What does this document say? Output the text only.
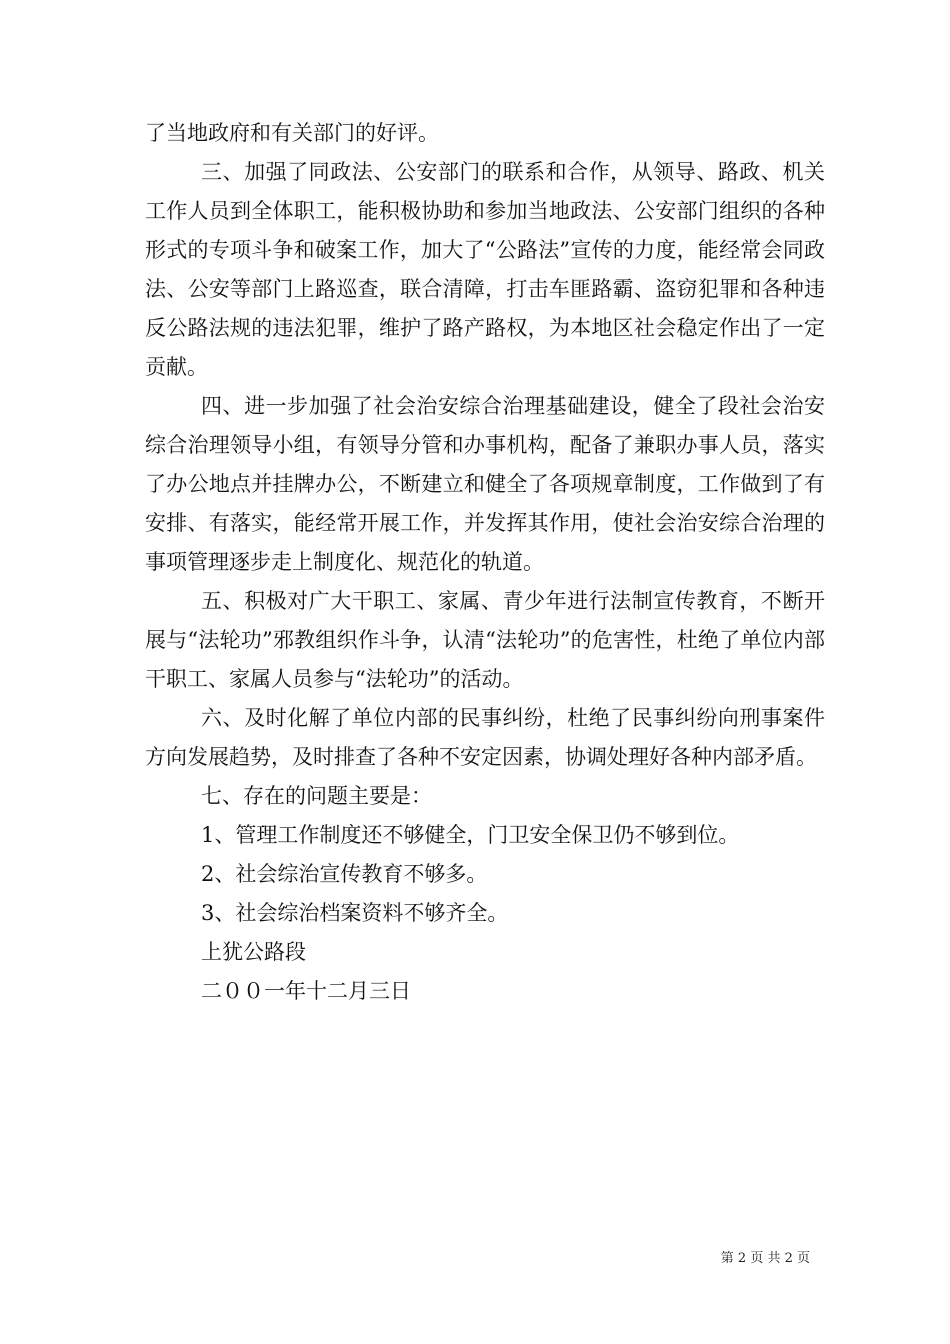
了当地政府和有关部门的好评。

三、加强了同政法、公安部门的联系和合作，从领导、路政、机关工作人员到全体职工，能积极协助和参加当地政法、公安部门组织的各种形式的专项斗争和破案工作，加大了“公路法”宣传的力度，能经常会同政法、公安等部门上路巡查，联合清障，打击车匪路霸、盗窃犯罪和各种违反公路法规的违法犯罪，维护了路产路权，为本地区社会稳定作出了一定贡献。

四、进一步加强了社会治安综合治理基础建设，健全了段社会治安综合治理领导小组，有领导分管和办事机构，配备了兼职办事人员，落实了办公地点并挂牌办公，不断建立和健全了各项规章制度，工作做到了有安排、有落实，能经常开展工作，并发挥其作用，使社会治安综合治理的事项管理逐步走上制度化、规范化的轨道。

五、积极对广大干职工、家属、青少年进行法制宣传教育，不断开展与“法轮功”邪教组织作斗争，认清“法轮功”的危害性，杜绝了单位内部干职工、家属人员参与“法轮功”的活动。

六、及时化解了单位内部的民事纠纷，杜绝了民事纠纷向刑事案件方向发展趋势，及时排查了各种不安定因素，协调处理好各种内部矛盾。

七、存在的问题主要是：

1、管理工作制度还不够健全，门卫安全保卫仍不够到位。

2、社会综治宣传教育不够多。

3、社会综治档案资料不够齐全。

上犹公路段

二００一年十二月三日

第 2 页 共 2 页
